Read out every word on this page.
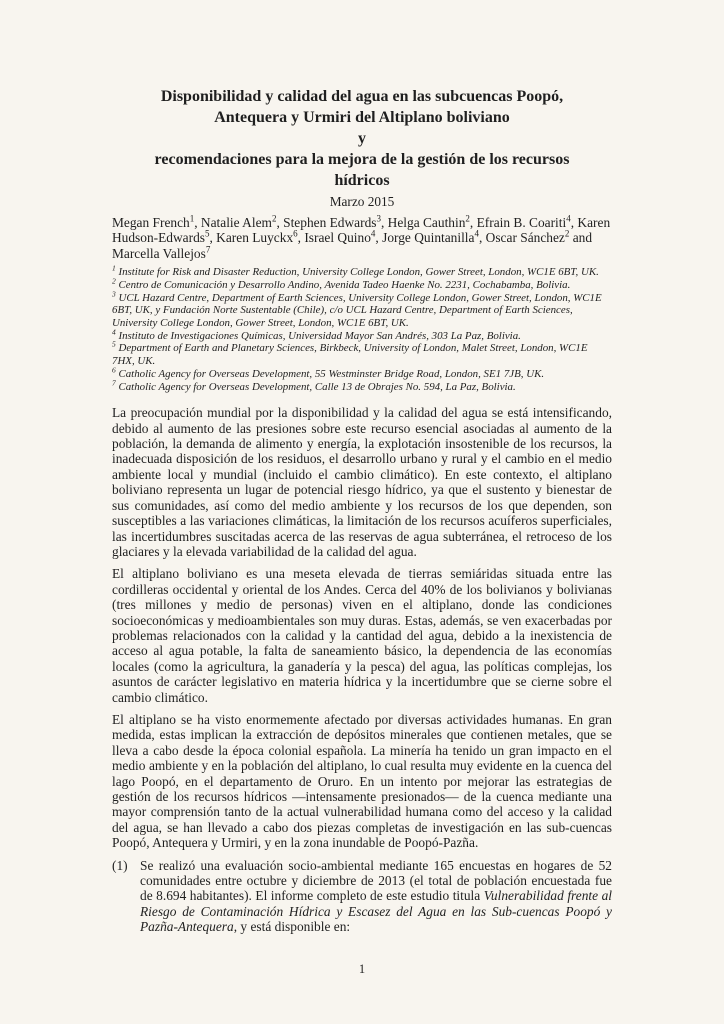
Disponibilidad y calidad del agua en las subcuencas Poopó,
Antequera y Urmiri del Altiplano boliviano
y
recomendaciones para la mejora de la gestión de los recursos
hídricos
Marzo 2015

Megan French$^1$, Natalie Alem$^2$, Stephen Edwards$^3$, Helga Cauthin$^2$, Efrain B. Coariti$^4$, Karen Hudson-Edwards$^5$, Karen Luyckx$^6$, Israel Quino$^4$, Jorge Quintanilla$^4$, Oscar Sánchez$^2$ and Marcella Vallejos$^7$

$^1$ Institute for Risk and Disaster Reduction, University College London, Gower Street, London, WC1E 6BT, UK.
$^2$ Centro de Comunicación y Desarrollo Andino, Avenida Tadeo Haenke No. 2231, Cochabamba, Bolivia.
$^3$ UCL Hazard Centre, Department of Earth Sciences, University College London, Gower Street, London, WC1E 6BT, UK, y Fundación Norte Sustentable (Chile), c/o UCL Hazard Centre, Department of Earth Sciences, University College London, Gower Street, London, WC1E 6BT, UK.
$^4$ Instituto de Investigaciones Químicas, Universidad Mayor San Andrés, 303 La Paz, Bolivia.
$^5$ Department of Earth and Planetary Sciences, Birkbeck, University of London, Malet Street, London, WC1E 7HX, UK.
$^6$ Catholic Agency for Overseas Development, 55 Westminster Bridge Road, London, SE1 7JB, UK.
$^7$ Catholic Agency for Overseas Development, Calle 13 de Obrajes No. 594, La Paz, Bolivia.

La preocupación mundial por la disponibilidad y la calidad del agua se está intensificando, debido al aumento de las presiones sobre este recurso esencial asociadas al aumento de la población, la demanda de alimento y energía, la explotación insostenible de los recursos, la inadecuada disposición de los residuos, el desarrollo urbano y rural y el cambio en el medio ambiente local y mundial (incluido el cambio climático). En este contexto, el altiplano boliviano representa un lugar de potencial riesgo hídrico, ya que el sustento y bienestar de sus comunidades, así como del medio ambiente y los recursos de los que dependen, son susceptibles a las variaciones climáticas, la limitación de los recursos acuíferos superficiales, las incertidumbres suscitadas acerca de las reservas de agua subterránea, el retroceso de los glaciares y la elevada variabilidad de la calidad del agua.

El altiplano boliviano es una meseta elevada de tierras semiáridas situada entre las cordilleras occidental y oriental de los Andes. Cerca del 40% de los bolivianos y bolivianas (tres millones y medio de personas) viven en el altiplano, donde las condiciones socioeconómicas y medioambientales son muy duras. Estas, además, se ven exacerbadas por problemas relacionados con la calidad y la cantidad del agua, debido a la inexistencia de acceso al agua potable, la falta de saneamiento básico, la dependencia de las economías locales (como la agricultura, la ganadería y la pesca) del agua, las políticas complejas, los asuntos de carácter legislativo en materia hídrica y la incertidumbre que se cierne sobre el cambio climático.

El altiplano se ha visto enormemente afectado por diversas actividades humanas. En gran medida, estas implican la extracción de depósitos minerales que contienen metales, que se lleva a cabo desde la época colonial española. La minería ha tenido un gran impacto en el medio ambiente y en la población del altiplano, lo cual resulta muy evidente en la cuenca del lago Poopó, en el departamento de Oruro. En un intento por mejorar las estrategias de gestión de los recursos hídricos —intensamente presionados— de la cuenca mediante una mayor comprensión tanto de la actual vulnerabilidad humana como del acceso y la calidad del agua, se han llevado a cabo dos piezas completas de investigación en las sub-cuencas Poopó, Antequera y Urmiri, y en la zona inundable de Poopó-Pazña.

(1) Se realizó una evaluación socio-ambiental mediante 165 encuestas en hogares de 52 comunidades entre octubre y diciembre de 2013 (el total de población encuestada fue de 8.694 habitantes). El informe completo de este estudio titula Vulnerabilidad frente al Riesgo de Contaminación Hídrica y Escasez del Agua en las Sub-cuencas Poopó y Pazña-Antequera, y está disponible en:
1
